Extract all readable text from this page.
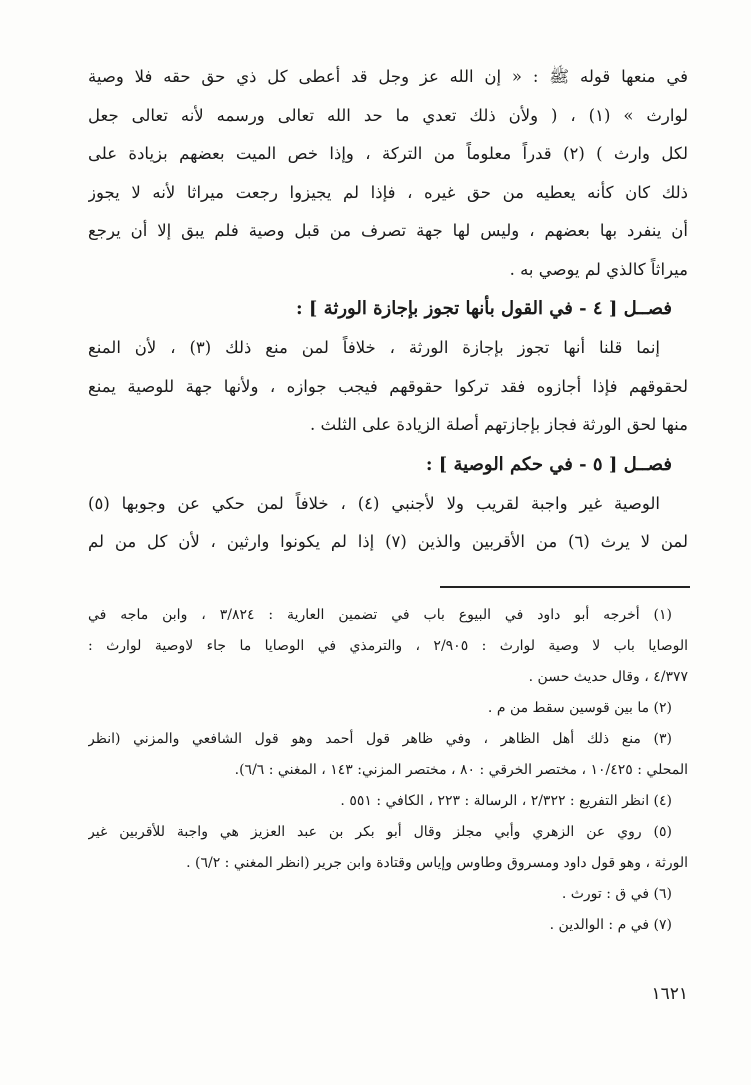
في منعها قوله ﷺ : « إن الله عز وجل قد أعطى كل ذي حق حقه فلا وصية
لوارث » (١) ، ( ولأن ذلك تعدي ما حد الله تعالى ورسمه لأنه تعالى جعل
لكل وارث ) (٢) قدراً معلوماً من التركة ، وإذا خص الميت بعضهم بزيادة على
ذلك كان كأنه يعطيه من حق غيره ، فإذا لم يجيزوا رجعت ميراثا لأنه لا يجوز
أن ينفرد بها بعضهم ، وليس لها جهة تصرف من قبل وصية فلم يبق إلا أن يرجع
ميراثاً كالذي لم يوصي به .
فصــل [ ٤ - في القول بأنها تجوز بإجازة الورثة ] :
إنما قلنا أنها تجوز بإجازة الورثة ، خلافاً لمن منع ذلك (٣) ، لأن المنع
لحقوقهم فإذا أجازوه فقد تركوا حقوقهم فيجب جوازه ، ولأنها جهة للوصية يمنع
منها لحق الورثة فجاز بإجازتهم أصلة الزيادة على الثلث .
فصــل [ ٥ - في حكم الوصية ] :
الوصية غير واجبة لقريب ولا لأجنبي (٤) ، خلافاً لمن حكي عن وجوبها (٥)
لمن لا يرث (٦) من الأقربين والذين (٧) إذا لم يكونوا وارثين ، لأن كل من لم
(١) أخرجه أبو داود في البيوع باب في تضمين العارية : ٣/٨٢٤ ، وابن ماجه في
الوصايا باب لا وصية لوارث : ٢/٩٠٥ ، والترمذي في الوصايا ما جاء لاوصية لوارث :
٤/٣٧٧ ، وقال حديث حسن .
(٢) ما بين قوسين سقط من م .
(٣) منع ذلك أهل الظاهر ، وفي ظاهر قول أحمد وهو قول الشافعي والمزني (انظر
المحلي : ١٠/٤٢٥ ، مختصر الخرقي : ٨٠ ، مختصر المزني: ١٤٣ ، المغني : ٦/٦).
(٤) انظر التفريع : ٢/٣٢٢ ، الرسالة : ٢٢٣ ، الكافي : ٥٥١ .
(٥) روي عن الزهري وأبي مجلز وقال أبو بكر بن عبد العزيز هي واجبة للأقربين غير
الورثة ، وهو قول داود ومسروق وطاوس وإياس وقتادة وابن جرير (انظر المغني : ٦/٢) .
(٦) في ق : تورث .
(٧) في م : الوالدين .
١٦٢١
